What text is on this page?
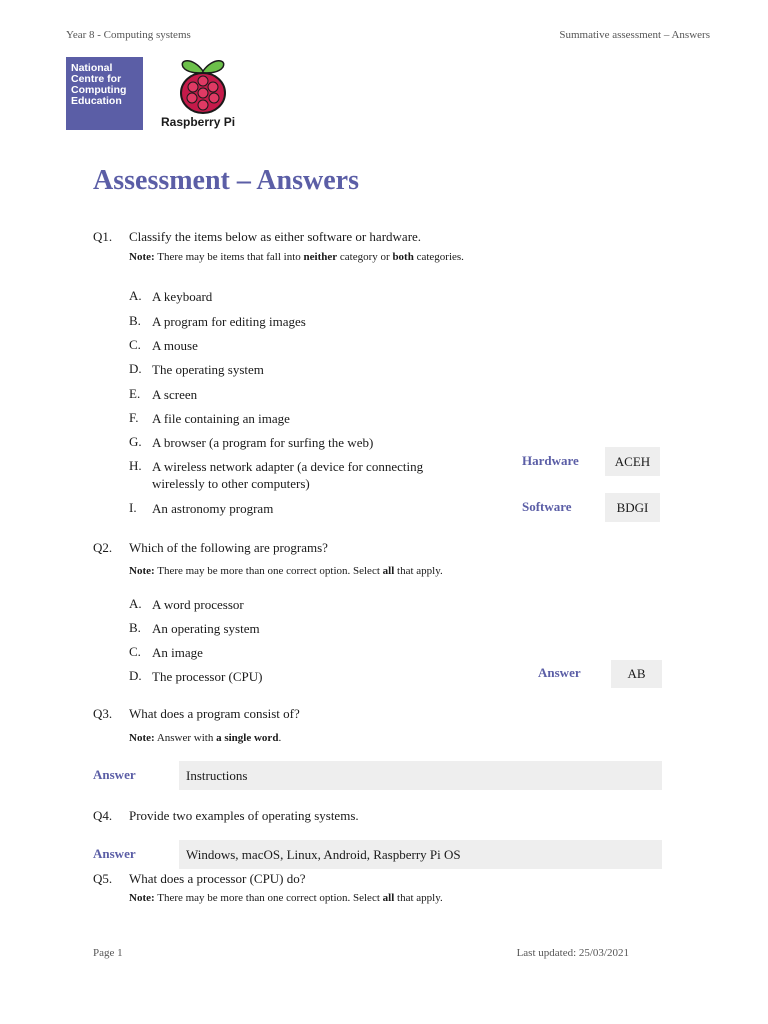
Year 8 - Computing systems	Summative assessment – Answers
National
Centre for
Computing
Education
Raspberry Pi
Assessment – Answers
Q1. Classify the items below as either software or hardware.
Note: There may be items that fall into neither category or both categories.
A. A keyboard
B. A program for editing images
C. A mouse
D. The operating system
E. A screen
F. A file containing an image
G. A browser (a program for surfing the web)
H. A wireless network adapter (a device for connecting
wirelessly to other computers)
I. An astronomy program
Hardware	ACEH
Software	BDGI
Q2. Which of the following are programs?
Note: There may be more than one correct option. Select all that apply.
A. A word processor
B. An operating system
C. An image
D. The processor (CPU)	Answer	AB
Q3. What does a program consist of?
Note: Answer with a single word.
Answer	Instructions
Q4. Provide two examples of operating systems.
Answer	Windows, macOS, Linux, Android, Raspberry Pi OS
Q5. What does a processor (CPU) do?
Note: There may be more than one correct option. Select all that apply.
Page 1	Last updated: 25/03/2021
